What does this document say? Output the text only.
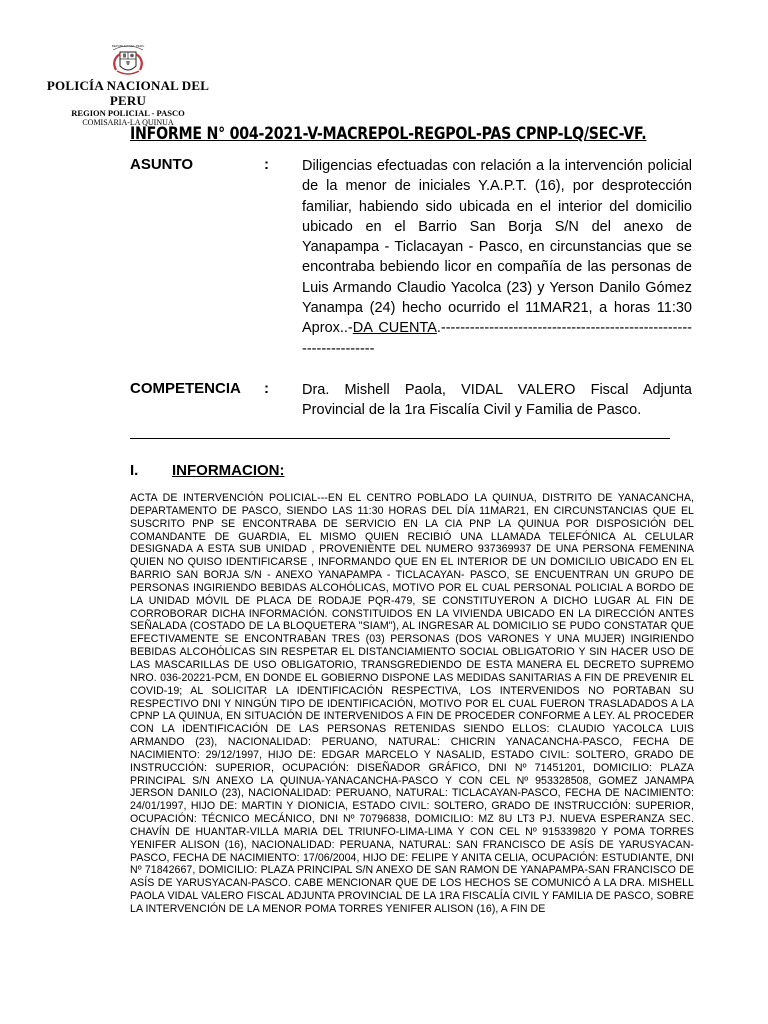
REPUBLICA DEL PERU
POLICÍA NACIONAL DEL PERU
REGION POLICIAL - PASCO
COMISARIA-LA QUINUA
INFORME N° 004-2021-V-MACREPOL-REGPOL-PAS CPNP-LQ/SEC-VF.
ASUNTO	: Diligencias efectuadas con relación a la intervención policial de la menor de iniciales Y.A.P.T. (16), por desprotección familiar, habiendo sido ubicada en el interior del domicilio ubicado en el Barrio San Borja S/N del anexo de Yanapampa - Ticlacayan - Pasco, en circunstancias que se encontraba bebiendo licor en compañía de las personas de Luis Armando Claudio Yacolca (23) y Yerson Danilo Gómez Yanampa (24) hecho ocurrido el 11MAR21, a horas 11:30 Aprox..-DA CUENTA.-------------------------------------------------------------------
COMPETENCIA : Dra. Mishell Paola, VIDAL VALERO Fiscal Adjunta Provincial de la 1ra Fiscalía Civil y Familia de Pasco.
I. INFORMACION:
ACTA DE INTERVENCIÓN POLICIAL---EN EL CENTRO POBLADO LA QUINUA, DISTRITO DE YANACANCHA, DEPARTAMENTO DE PASCO, SIENDO LAS 11:30 HORAS DEL DÍA 11MAR21, EN CIRCUNSTANCIAS QUE EL SUSCRITO PNP SE ENCONTRABA DE SERVICIO EN LA CIA PNP LA QUINUA POR DISPOSICIÓN DEL COMANDANTE DE GUARDIA, EL MISMO QUIEN RECIBIÓ UNA LLAMADA TELEFÓNICA AL CELULAR DESIGNADA A ESTA SUB UNIDAD , PROVENIENTE DEL NUMERO 937369937 DE UNA PERSONA FEMENINA QUIEN NO QUISO IDENTIFICARSE , INFORMANDO QUE EN EL INTERIOR DE UN DOMICILIO UBICADO EN EL BARRIO SAN BORJA S/N - ANEXO YANAPAMPA - TICLACAYAN- PASCO, SE ENCUENTRAN UN GRUPO DE PERSONAS INGIRIENDO BEBIDAS ALCOHÓLICAS, MOTIVO POR EL CUAL PERSONAL POLICIAL A BORDO DE LA UNIDAD MÓVIL DE PLACA DE RODAJE PQR-479, SE CONSTITUYERON A DICHO LUGAR AL FIN DE CORROBORAR DICHA INFORMACIÓN. CONSTITUIDOS EN LA VIVIENDA UBICADO EN LA DIRECCIÓN ANTES SEÑALADA (COSTADO DE LA BLOQUETERA "SIAM"), AL INGRESAR AL DOMICILIO SE PUDO CONSTATAR QUE EFECTIVAMENTE SE ENCONTRABAN TRES (03) PERSONAS (DOS VARONES Y UNA MUJER) INGIRIENDO BEBIDAS ALCOHÓLICAS SIN RESPETAR EL DISTANCIAMIENTO SOCIAL OBLIGATORIO Y SIN HACER USO DE LAS MASCARILLAS DE USO OBLIGATORIO, TRANSGREDIENDO DE ESTA MANERA EL DECRETO SUPREMO NRO. 036-20221-PCM, EN DONDE EL GOBIERNO DISPONE LAS MEDIDAS SANITARIAS A FIN DE PREVENIR EL COVID-19; AL SOLICITAR LA IDENTIFICACIÓN RESPECTIVA, LOS INTERVENIDOS NO PORTABAN SU RESPECTIVO DNI Y NINGÚN TIPO DE IDENTIFICACIÓN, MOTIVO POR EL CUAL FUERON TRASLADADOS A LA CPNP LA QUINUA, EN SITUACIÓN DE INTERVENIDOS A FIN DE PROCEDER CONFORME A LEY. AL PROCEDER CON LA IDENTIFICACIÓN DE LAS PERSONAS RETENIDAS SIENDO ELLOS: CLAUDIO YACOLCA LUIS ARMANDO (23), NACIONALIDAD: PERUANO, NATURAL: CHICRIN YANACANCHA-PASCO, FECHA DE NACIMIENTO: 29/12/1997, HIJO DE: EDGAR MARCELO Y NASALID, ESTADO CIVIL: SOLTERO, GRADO DE INSTRUCCIÓN: SUPERIOR, OCUPACIÓN: DISEÑADOR GRÁFICO, DNI Nº 71451201, DOMICILIO: PLAZA PRINCIPAL S/N ANEXO LA QUINUA-YANACANCHA-PASCO Y CON CEL Nº 953328508, GOMEZ JANAMPA JERSON DANILO (23), NACIONALIDAD: PERUANO, NATURAL: TICLACAYAN-PASCO, FECHA DE NACIMIENTO: 24/01/1997, HIJO DE: MARTIN Y DIONICIA, ESTADO CIVIL: SOLTERO, GRADO DE INSTRUCCIÓN: SUPERIOR, OCUPACIÓN: TÉCNICO MECÁNICO, DNI Nº 70796838, DOMICILIO: MZ 8U LT3 PJ. NUEVA ESPERANZA SEC. CHAVÍN DE HUANTAR-VILLA MARIA DEL TRIUNFO-LIMA-LIMA Y CON CEL Nº 915339820 Y POMA TORRES YENIFER ALISON (16), NACIONALIDAD: PERUANA, NATURAL: SAN FRANCISCO DE ASÍS DE YARUSYACAN-PASCO, FECHA DE NACIMIENTO: 17/06/2004, HIJO DE: FELIPE Y ANITA CELIA, OCUPACIÓN: ESTUDIANTE, DNI Nº 71842667, DOMICILIO: PLAZA PRINCIPAL S/N ANEXO DE SAN RAMON DE YANAPAMPA-SAN FRANCISCO DE ASÍS DE YARUSYACAN-PASCO. CABE MENCIONAR QUE DE LOS HECHOS SE COMUNICÓ A LA DRA. MISHELL PAOLA VIDAL VALERO FISCAL ADJUNTA PROVINCIAL DE LA 1RA FISCALÍA CIVIL Y FAMILIA DE PASCO, SOBRE LA INTERVENCIÓN DE LA MENOR POMA TORRES YENIFER ALISON (16), A FIN DE
